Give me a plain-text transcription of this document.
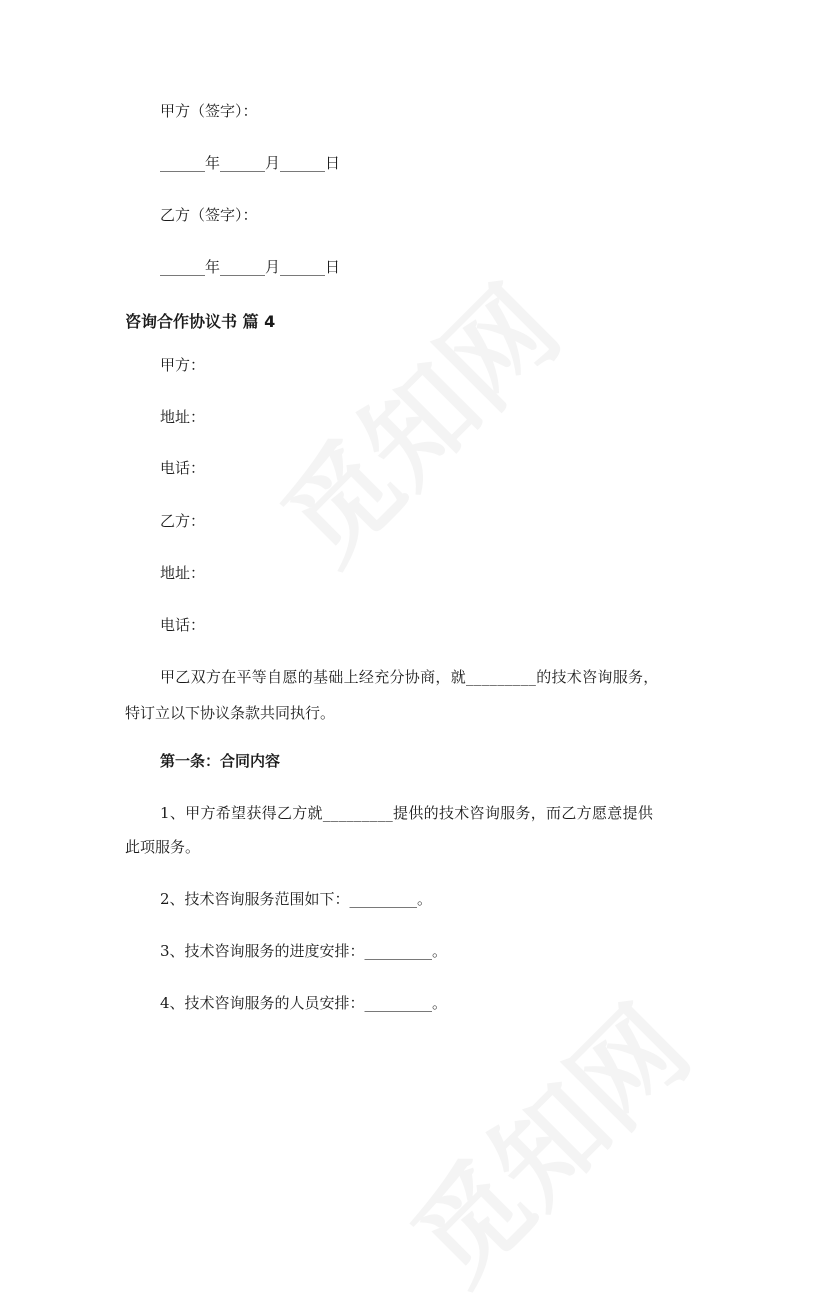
甲方（签字）：
______年______月______日
乙方（签字）：
______年______月______日
咨询合作协议书 篇 4
甲方：
地址：
电话：
乙方：
地址：
电话：
甲乙双方在平等自愿的基础上经充分协商，就_________的技术咨询服务，
特订立以下协议条款共同执行。
第一条：合同内容
1、甲方希望获得乙方就_________提供的技术咨询服务，而乙方愿意提供
此项服务。
2、技术咨询服务范围如下：_________。
3、技术咨询服务的进度安排：_________。
4、技术咨询服务的人员安排：_________。
